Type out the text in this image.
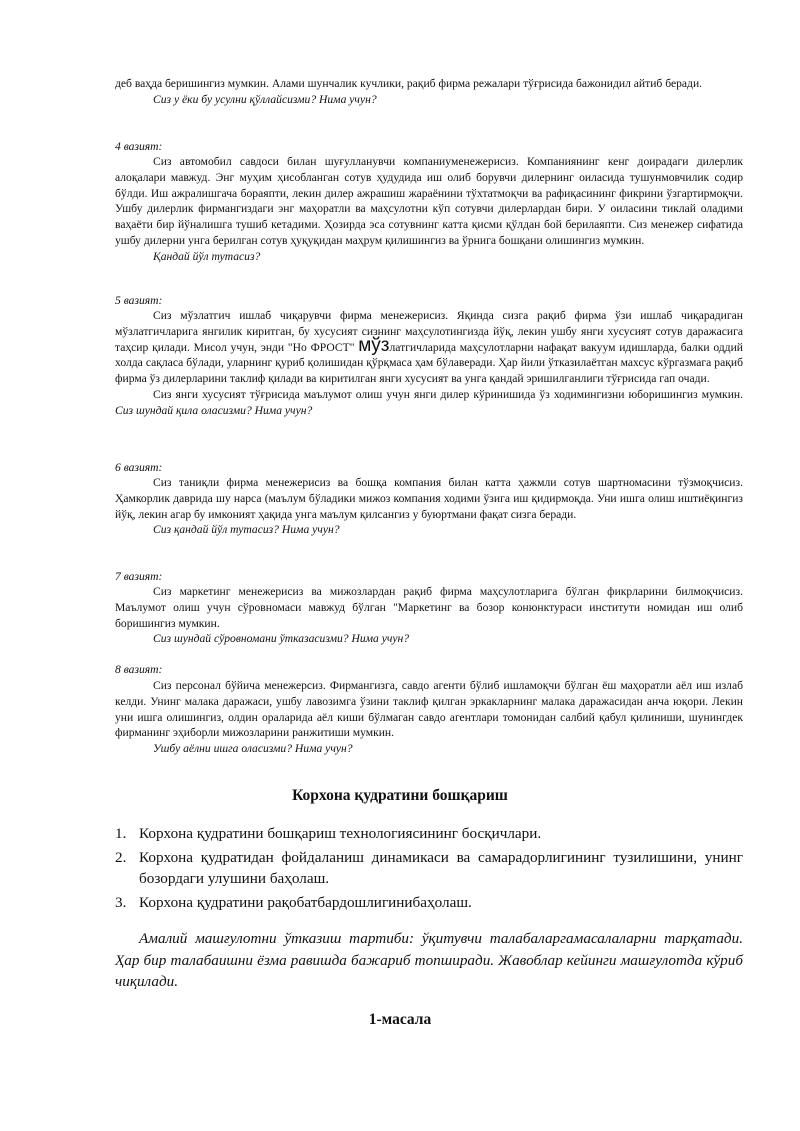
деб ваҳда беришингиз мумкин. Алами шунчалик кучлики, рақиб фирма режалари тўғрисида бажонидил айтиб беради.

Сиз у ёки бу усулни қўллайсизми? Нима учун?

4 вазият:

Сиз автомобил савдоси билан шуғулланувчи компаниyменежерисиз. Компаниянинг кенг доирадаги дилерлик алоқалари мавжуд. Энг муҳим ҳисобланган сотув ҳудудида иш олиб борувчи дилернинг оиласида тушунмовчилик содир бўлди. Иш ажралишгача бораяпти, лекин дилер ажрашиш жараёнини тўхтатмоқчи ва рафиқасининг фикрини ўзгартирмоқчи. Ушбу дилерлик фирмангиздаги энг маҳоратли ва маҳсулотни кўп сотувчи дилерлардан бири. У оиласини тиклай оладими ваҳаёти бир йўналишга тушиб кетадими. Ҳозирда эса сотувнинг катта қисми қўлдан бой берилаяпти. Сиз менежер сифатида ушбу дилерни унга берилган сотув ҳуқуқидан маҳрум қилишингиз ва ўрнига бошқани олишингиз мумкин.

Қандай йўл тутасиз?

5 вазият:

Сиз мўзлатгич ишлаб чиқарувчи фирма менежерисиз. Яқинда сизга рақиб фирма ўзи ишлаб чиқарадиган мўзлатгичларига янгилик киритган, бу хусусият сизнинг маҳсулотингизда йўқ, лекин ушбу янги хусусият сотув даражасига таҳсир қилади. Мисол учун, энди "Но ФРОСТ" мўзлатгичларида маҳсулотларни нафақат вакуум идишларда, балки оддий холда сақласа бўлади, уларнинг қуриб қолишидан қўрқмаса ҳам бўлаверади. Ҳар йили ўтказилаётган махсус кўргазмага рақиб фирма ўз дилерларини таклиф қилади ва киритилган янги хусусият ва унга қандай эришилганлиги тўғрисида гап очади.

Сиз янги хусусият тўғрисида маълумот олиш учун янги дилер кўринишида ўз ходимингизни юборишингиз мумкин. Сиз шундай қила оласизми? Нима учун?

6 вазият:

Сиз таниқли фирма менежерисиз ва бошқа компания билан катта ҳажмли сотув шартномасини тўзмоқчисиз. Ҳамкорлик даврида шу нарса (маълум бўладики мижоз компания ходими ўзига иш қидирмоқда. Уни ишга олиш иштиёқингиз йўқ, лекин агар бу имконият ҳақида унга маълум қилсангиз у буюртмани фақат сизга беради.

Сиз қандай йўл тутасиз? Нима учун?

7 вазият:

Сиз маркетинг менежерисиз ва мижозлардан рақиб фирма маҳсулотларига бўлган фикрларини билмоқчисиз. Маълумот олиш учун сўровномаси мавжуд бўлган "Маркетинг ва бозор конюнктураси институти номидан иш олиб боришингиз мумкин.

Сиз шундай сўровномани ўтказасизми? Нима учун?

8 вазият:

Сиз персонал бўйича менежерсиз. Фирмангизга, савдо агенти бўлиб ишламоқчи бўлган ёш маҳоратли аёл иш излаб келди. Унинг малака даражаси, ушбу лавозимга ўзини таклиф қилган эркакларнинг малака даражасидан анча юқори. Лекин уни ишга олишингиз, олдин ораларида аёл киши бўлмаган савдо агентлари томонидан салбий қабул қилиниши, шунингдек фирманинг эҳиборли мижозларини ранжитиши мумкин.

Ушбу аёлни ишга оласизми? Нима учун?

Корхона қудратини бошқариш
1. Корхона қудратини бошқариш технологиясининг босқичлари.
2. Корхона қудратидан фойдаланиш динамикаси ва самарадорлигининг тузилишини, унинг бозордаги улушини баҳолаш.
3. Корхона қудратини рақобатбардошлигинибаҳолаш.
Амалий машғулотни ўтказиш тартиби: ўқитувчи талабаларгамасалаларни тарқатади. Ҳар бир талабаишни ёзма равишда бажариб топширади. Жавоблар кейинги машғулотда кўриб чиқилади.
1-масала
